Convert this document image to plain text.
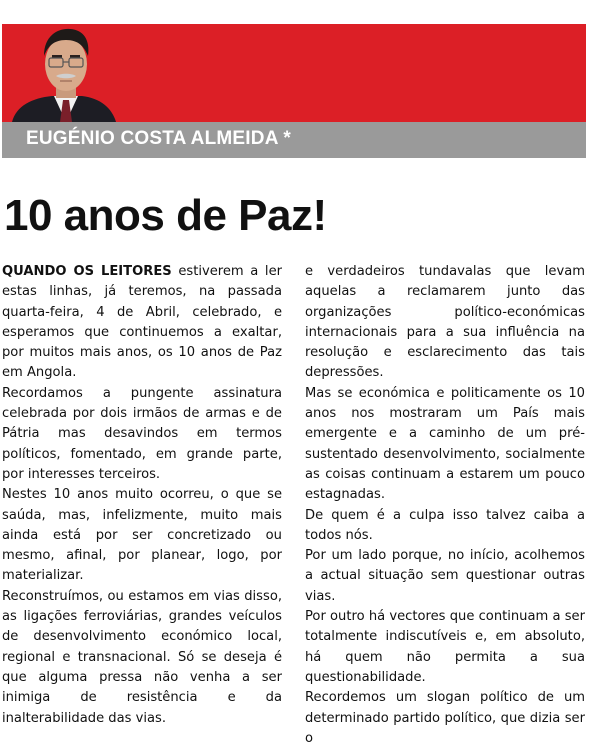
EUGÉNIO COSTA ALMEIDA *
10 anos de Paz!

QUANDO OS LEITORES estiverem a ler estas linhas, já teremos, na passada quarta-feira, 4 de Abril, celebrado, e esperamos que continuemos a exaltar, por muitos mais anos, os 10 anos de Paz em Angola.

Recordamos a pungente assinatura celebrada por dois irmãos de armas e de Pátria mas desavindos em termos políticos, fomentado, em grande parte, por interesses terceiros.

Nestes 10 anos muito ocorreu, o que se saúda, mas, infelizmente, muito mais ainda está por ser concretizado ou mesmo, afinal, por planear, logo, por materializar.

Reconstruímos, ou estamos em vias disso, as ligações ferroviárias, grandes veículos de desenvolvimento económico local, regional e transnacional. Só se deseja é que alguma pressa não venha a ser inimiga de resistência e da inalterabilidade das vias.

e verdadeiros tundavalas que levam aquelas a reclamarem junto das organizações político-económicas internacionais para a sua influência na resolução e esclarecimento das tais depressões.

Mas se económica e politicamente os 10 anos nos mostraram um País mais emergente e a caminho de um pré-sustentado desenvolvimento, socialmente as coisas continuam a estarem um pouco estagnadas.

De quem é a culpa isso talvez caiba a todos nós.

Por um lado porque, no início, acolhemos a actual situação sem questionar outras vias.

Por outro há vectores que continuam a ser totalmente indiscutíveis e, em absoluto, há quem não permita a sua questionabilidade.

Recordemos um slogan político de um determinado partido político, que dizia ser o
